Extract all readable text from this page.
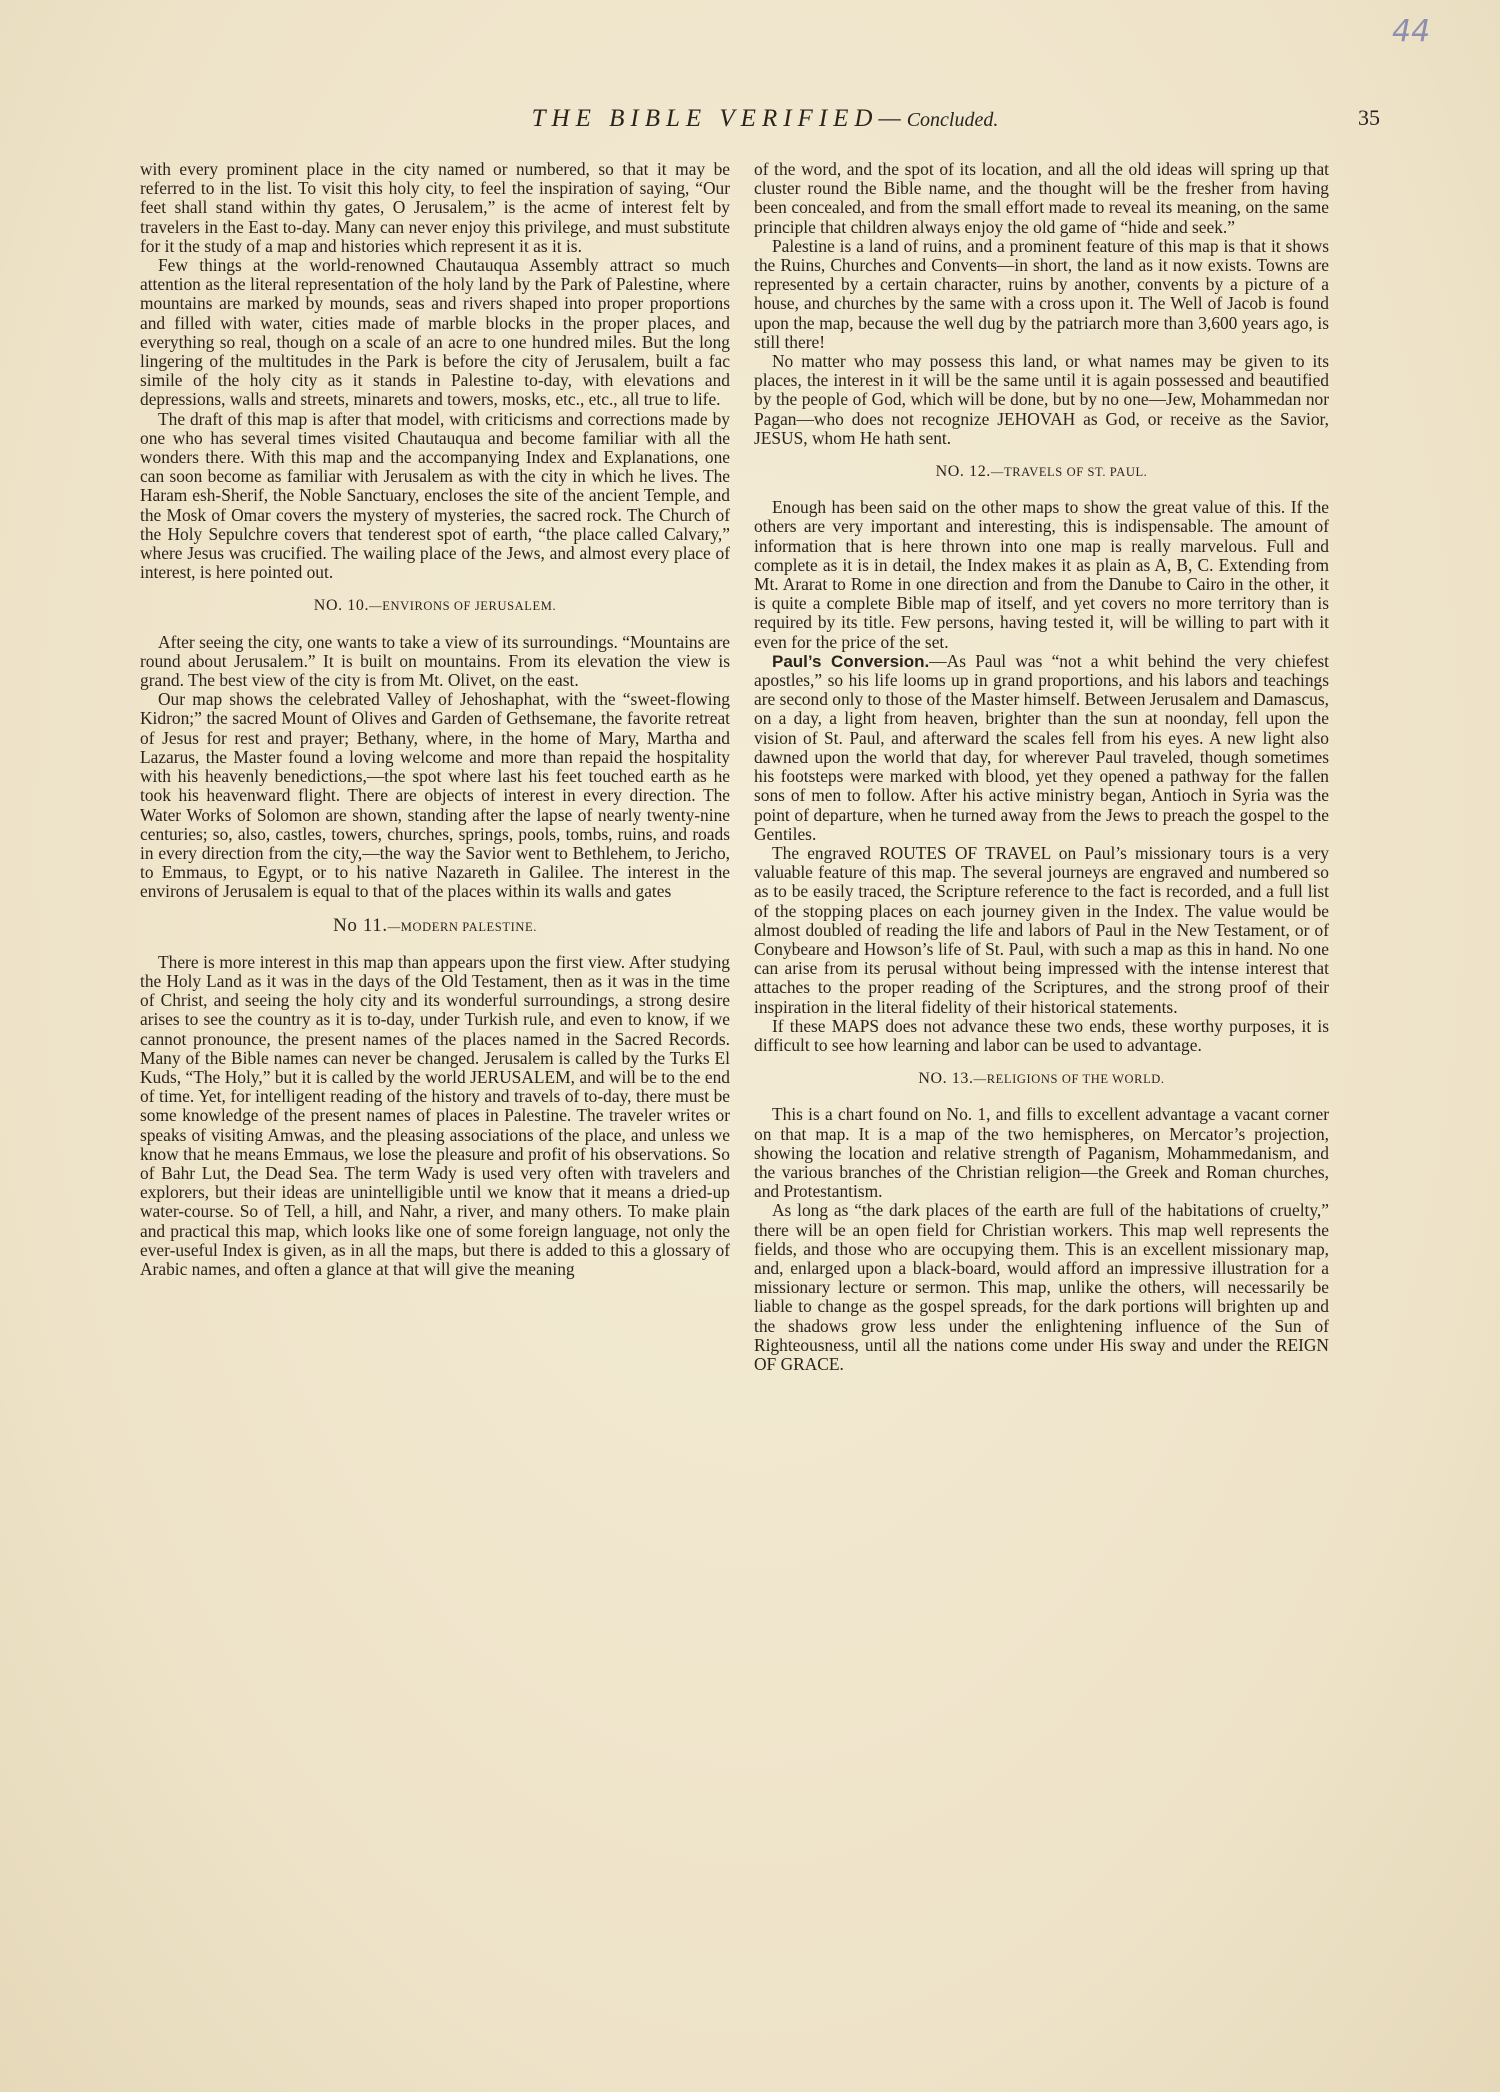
44
THE BIBLE VERIFIED—Concluded.	35

with every prominent place in the city named or numbered, so that it may be referred to in the list. To visit this holy city, to feel the inspiration of saying, “Our feet shall stand within thy gates, O Jerusalem,” is the acme of interest felt by travelers in the East to-day. Many can never enjoy this privilege, and must substitute for it the study of a map and histories which represent it as it is.

Few things at the world-renowned Chautauqua Assembly attract so much attention as the literal representation of the holy land by the Park of Palestine, where mountains are marked by mounds, seas and rivers shaped into proper proportions and filled with water, cities made of marble blocks in the proper places, and everything so real, though on a scale of an acre to one hundred miles. But the long lingering of the multitudes in the Park is before the city of Jerusalem, built a fac simile of the holy city as it stands in Palestine to-day, with elevations and depressions, walls and streets, minarets and towers, mosks, etc., etc., all true to life.

The draft of this map is after that model, with criticisms and corrections made by one who has several times visited Chautauqua and become familiar with all the wonders there. With this map and the accompanying Index and Explanations, one can soon become as familiar with Jerusalem as with the city in which he lives. The Haram esh-Sherif, the Noble Sanctuary, encloses the site of the ancient Temple, and the Mosk of Omar covers the mystery of mysteries, the sacred rock. The Church of the Holy Sepulchre covers that tenderest spot of earth, “the place called Calvary,” where Jesus was crucified. The wailing place of the Jews, and almost every place of interest, is here pointed out.

NO. 10.—ENVIRONS OF JERUSALEM.

After seeing the city, one wants to take a view of its surroundings. “Mountains are round about Jerusalem.” It is built on mountains. From its elevation the view is grand. The best view of the city is from Mt. Olivet, on the east.

Our map shows the celebrated Valley of Jehoshaphat, with the “sweet-flowing Kidron;” the sacred Mount of Olives and Garden of Gethsemane, the favorite retreat of Jesus for rest and prayer; Bethany, where, in the home of Mary, Martha and Lazarus, the Master found a loving welcome and more than repaid the hospitality with his heavenly benedictions,—the spot where last his feet touched earth as he took his heavenward flight. There are objects of interest in every direction. The Water Works of Solomon are shown, standing after the lapse of nearly twenty-nine centuries; so, also, castles, towers, churches, springs, pools, tombs, ruins, and roads in every direction from the city,—the way the Savior went to Bethlehem, to Jericho, to Emmaus, to Egypt, or to his native Nazareth in Galilee. The interest in the environs of Jerusalem is equal to that of the places within its walls and gates

No 11.—MODERN PALESTINE.

There is more interest in this map than appears upon the first view. After studying the Holy Land as it was in the days of the Old Testament, then as it was in the time of Christ, and seeing the holy city and its wonderful surroundings, a strong desire arises to see the country as it is to-day, under Turkish rule, and even to know, if we cannot pronounce, the present names of the places named in the Sacred Records. Many of the Bible names can never be changed. Jerusalem is called by the Turks El Kuds, “The Holy,” but it is called by the world JERUSALEM, and will be to the end of time. Yet, for intelligent reading of the history and travels of to-day, there must be some knowledge of the present names of places in Palestine. The traveler writes or speaks of visiting Amwas, and the pleasing associations of the place, and unless we know that he means Emmaus, we lose the pleasure and profit of his observations. So of Bahr Lut, the Dead Sea. The term Wady is used very often with travelers and explorers, but their ideas are unintelligible until we know that it means a dried-up water-course. So of Tell, a hill, and Nahr, a river, and many others. To make plain and practical this map, which looks like one of some foreign language, not only the ever-useful Index is given, as in all the maps, but there is added to this a glossary of Arabic names, and often a glance at that will give the meaning

of the word, and the spot of its location, and all the old ideas will spring up that cluster round the Bible name, and the thought will be the fresher from having been concealed, and from the small effort made to reveal its meaning, on the same principle that children always enjoy the old game of “hide and seek.”

Palestine is a land of ruins, and a prominent feature of this map is that it shows the Ruins, Churches and Convents—in short, the land as it now exists. Towns are represented by a certain character, ruins by another, convents by a picture of a house, and churches by the same with a cross upon it. The Well of Jacob is found upon the map, because the well dug by the patriarch more than 3,600 years ago, is still there!

No matter who may possess this land, or what names may be given to its places, the interest in it will be the same until it is again possessed and beautified by the people of God, which will be done, but by no one—Jew, Mohammedan nor Pagan—who does not recognize JEHOVAH as God, or receive as the Savior, JESUS, whom He hath sent.

NO. 12.—TRAVELS OF ST. PAUL.

Enough has been said on the other maps to show the great value of this. If the others are very important and interesting, this is indispensable. The amount of information that is here thrown into one map is really marvelous. Full and complete as it is in detail, the Index makes it as plain as A, B, C. Extending from Mt. Ararat to Rome in one direction and from the Danube to Cairo in the other, it is quite a complete Bible map of itself, and yet covers no more territory than is required by its title. Few persons, having tested it, will be willing to part with it even for the price of the set.

Paul’s Conversion.—As Paul was “not a whit behind the very chiefest apostles,” so his life looms up in grand proportions, and his labors and teachings are second only to those of the Master himself. Between Jerusalem and Damascus, on a day, a light from heaven, brighter than the sun at noonday, fell upon the vision of St. Paul, and afterward the scales fell from his eyes. A new light also dawned upon the world that day, for wherever Paul traveled, though sometimes his footsteps were marked with blood, yet they opened a pathway for the fallen sons of men to follow. After his active ministry began, Antioch in Syria was the point of departure, when he turned away from the Jews to preach the gospel to the Gentiles.

The engraved ROUTES OF TRAVEL on Paul’s missionary tours is a very valuable feature of this map. The several journeys are engraved and numbered so as to be easily traced, the Scripture reference to the fact is recorded, and a full list of the stopping places on each journey given in the Index. The value would be almost doubled of reading the life and labors of Paul in the New Testament, or of Conybeare and Howson’s life of St. Paul, with such a map as this in hand. No one can arise from its perusal without being impressed with the intense interest that attaches to the proper reading of the Scriptures, and the strong proof of their inspiration in the literal fidelity of their historical statements.

If these MAPS does not advance these two ends, these worthy purposes, it is difficult to see how learning and labor can be used to advantage.

NO. 13.—RELIGIONS OF THE WORLD.

This is a chart found on No. 1, and fills to excellent advantage a vacant corner on that map. It is a map of the two hemispheres, on Mercator’s projection, showing the location and relative strength of Paganism, Mohammedanism, and the various branches of the Christian religion—the Greek and Roman churches, and Protestantism.

As long as “the dark places of the earth are full of the habitations of cruelty,” there will be an open field for Christian workers. This map well represents the fields, and those who are occupying them. This is an excellent missionary map, and, enlarged upon a black-board, would afford an impressive illustration for a missionary lecture or sermon. This map, unlike the others, will necessarily be liable to change as the gospel spreads, for the dark portions will brighten up and the shadows grow less under the enlightening influence of the Sun of Righteousness, until all the nations come under His sway and under the REIGN OF GRACE.
